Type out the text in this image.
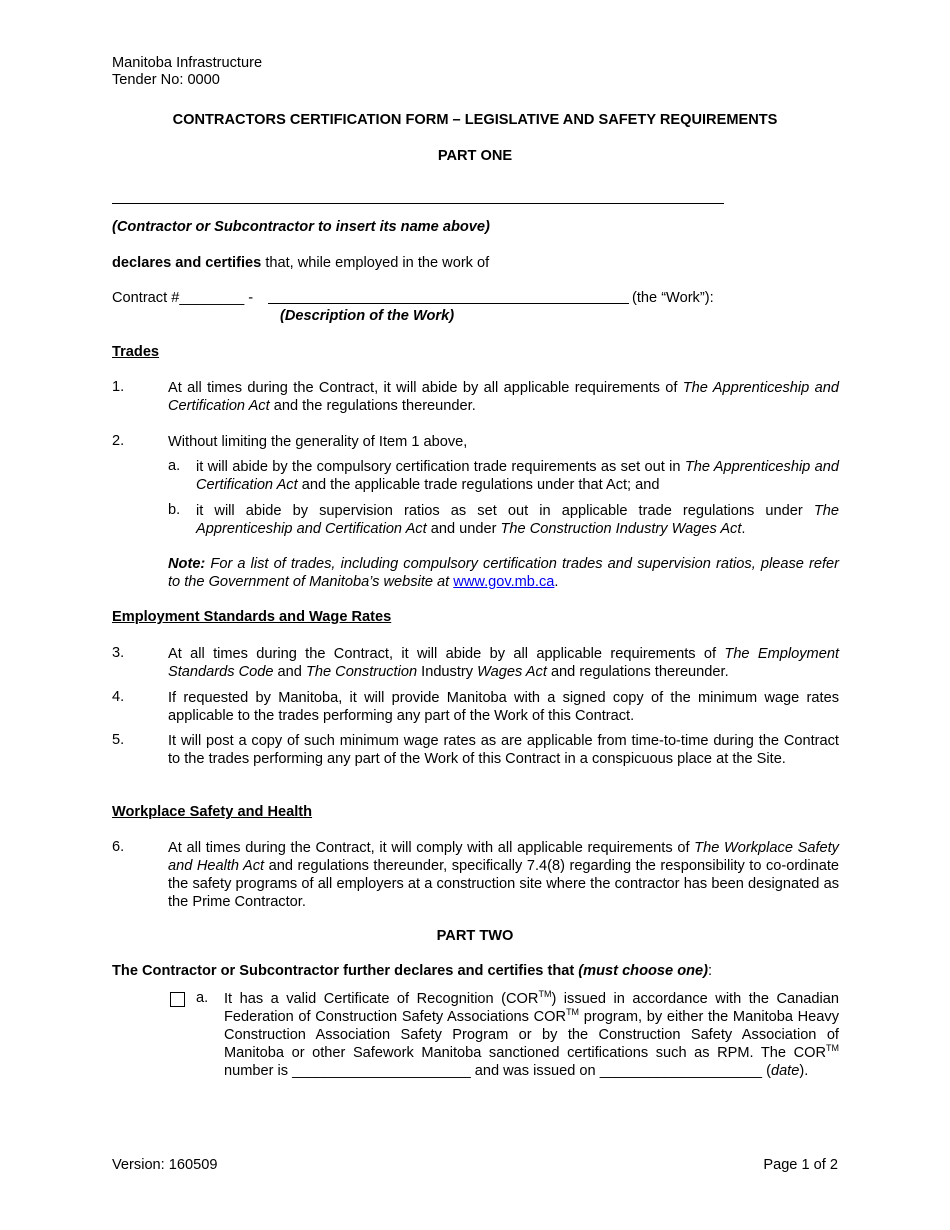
Manitoba Infrastructure
Tender No: 0000
CONTRACTORS CERTIFICATION FORM – LEGISLATIVE AND SAFETY REQUIREMENTS
PART ONE
(Contractor or Subcontractor to insert its name above)
declares and certifies that, while employed in the work of
Contract #________ -	(the “Work”):
(Description of the Work)
Trades
1.	At all times during the Contract, it will abide by all applicable requirements of The Apprenticeship and Certification Act and the regulations thereunder.
2.	Without limiting the generality of Item 1 above,
a. it will abide by the compulsory certification trade requirements as set out in The Apprenticeship and Certification Act and the applicable trade regulations under that Act; and
b. it will abide by supervision ratios as set out in applicable trade regulations under The Apprenticeship and Certification Act and under The Construction Industry Wages Act.
Note: For a list of trades, including compulsory certification trades and supervision ratios, please refer to the Government of Manitoba’s website at www.gov.mb.ca.
Employment Standards and Wage Rates
3.	At all times during the Contract, it will abide by all applicable requirements of The Employment Standards Code and The Construction Industry Wages Act and regulations thereunder.
4.	If requested by Manitoba, it will provide Manitoba with a signed copy of the minimum wage rates applicable to the trades performing any part of the Work of this Contract.
5.	It will post a copy of such minimum wage rates as are applicable from time-to-time during the Contract to the trades performing any part of the Work of this Contract in a conspicuous place at the Site.
Workplace Safety and Health
6.	At all times during the Contract, it will comply with all applicable requirements of The Workplace Safety and Health Act and regulations thereunder, specifically 7.4(8) regarding the responsibility to co-ordinate the safety programs of all employers at a construction site where the contractor has been designated as the Prime Contractor.
PART TWO
The Contractor or Subcontractor further declares and certifies that (must choose one):
a. It has a valid Certificate of Recognition (COR™) issued in accordance with the Canadian Federation of Construction Safety Associations COR™ program, by either the Manitoba Heavy Construction Association Safety Program or by the Construction Safety Association of Manitoba or other Safework Manitoba sanctioned certifications such as RPM. The COR™ number is ______________________ and was issued on ____________________ (date).
Version: 160509	Page 1 of 2
